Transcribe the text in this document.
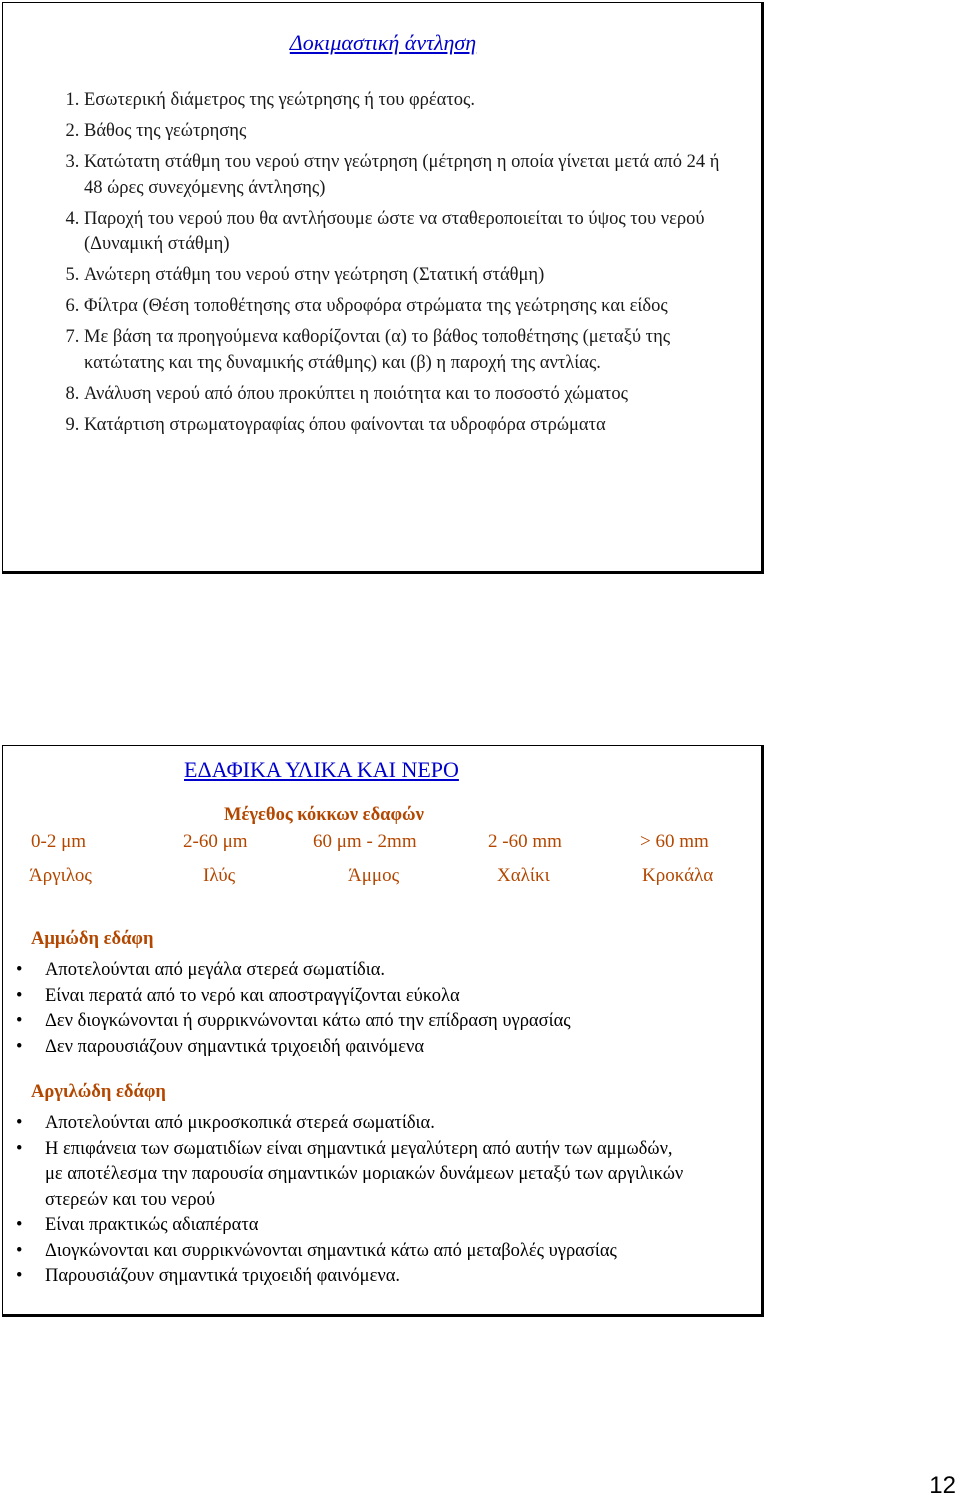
Δοκιμαστική άντληση
1. Εσωτερική διάμετρος της γεώτρησης ή του φρέατος.
2. Βάθος της γεώτρησης
3. Κατώτατη στάθμη του νερού στην γεώτρηση (μέτρηση η οποία γίνεται μετά από 24 ή 48 ώρες συνεχόμενης άντλησης)
4. Παροχή του νερού που θα αντλήσουμε ώστε να σταθεροποιείται το ύψος του νερού (Δυναμική στάθμη)
5. Ανώτερη στάθμη του νερού στην γεώτρηση (Στατική στάθμη)
6. Φίλτρα (Θέση τοποθέτησης στα υδροφόρα στρώματα της γεώτρησης και είδος
7. Με βάση τα προηγούμενα καθορίζονται (α) το βάθος τοποθέτησης (μεταξύ της κατώτατης και της δυναμικής στάθμης) και (β) η παροχή της αντλίας.
8. Ανάλυση νερού από όπου προκύπτει η ποιότητα και το ποσοστό χώματος
9. Κατάρτιση στρωματογραφίας όπου φαίνονται τα υδροφόρα στρώματα
ΕΔΑΦΙΚΑ ΥΛΙΚΑ ΚΑΙ ΝΕΡΟ
Μέγεθος κόκκων εδαφών
0-2 μm	2-60 μm	60 μm - 2mm	2 -60 mm	> 60 mm
Άργιλος	Ιλύς	Άμμος	Χαλίκι	Κροκάλα
Αμμώδη εδάφη
• Αποτελούνται από μεγάλα στερεά σωματίδια.
• Είναι περατά από το νερό και αποστραγγίζονται εύκολα
• Δεν διογκώνονται ή συρρικνώνονται κάτω από την επίδραση υγρασίας
• Δεν παρουσιάζουν σημαντικά τριχοειδή φαινόμενα
Αργιλώδη εδάφη
• Αποτελούνται από μικροσκοπικά στερεά σωματίδια.
• Η επιφάνεια των σωματιδίων είναι σημαντικά μεγαλύτερη από αυτήν των αμμωδών, με αποτέλεσμα την παρουσία σημαντικών μοριακών δυνάμεων μεταξύ των αργιλικών στερεών και του νερού
• Είναι πρακτικώς αδιαπέρατα
• Διογκώνονται και συρρικνώνονται σημαντικά κάτω από μεταβολές υγρασίας
• Παρουσιάζουν σημαντικά τριχοειδή φαινόμενα.
12
